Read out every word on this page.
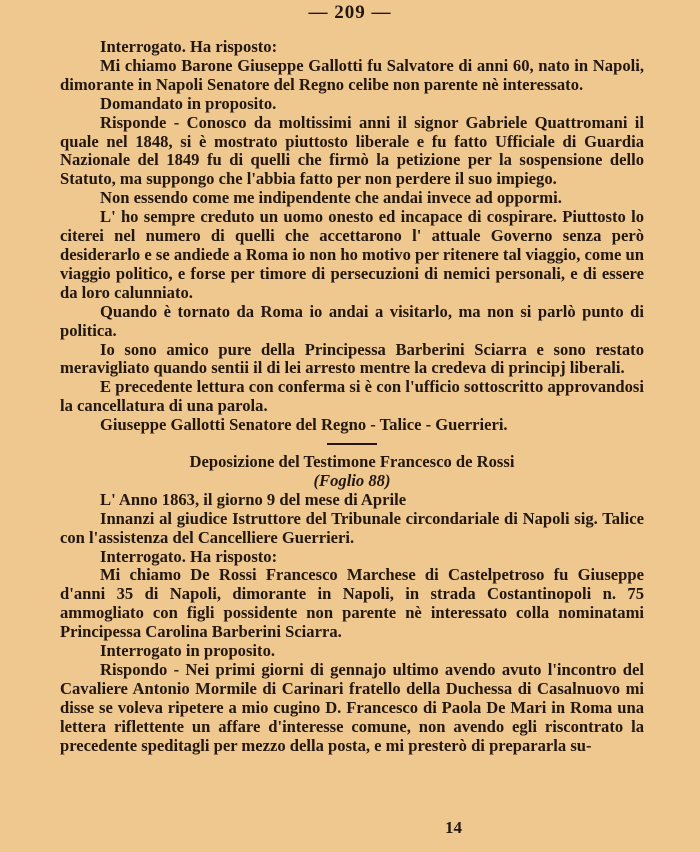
— 209 —

Interrogato. Ha risposto:

Mi chiamo Barone Giuseppe Gallotti fu Salvatore di anni 60, nato in Napoli, dimorante in Napoli Senatore del Regno celibe non parente nè interessato.

Domandato in proposito.

Risponde - Conosco da moltissimi anni il signor Gabriele Quattromani il quale nel 1848, si è mostrato piuttosto liberale e fu fatto Ufficiale di Guardia Nazionale del 1849 fu di quelli che firmò la petizione per la sospensione dello Statuto, ma suppongo che l'abbia fatto per non perdere il suo impiego.

Non essendo come me indipendente che andai invece ad oppormi.

L' ho sempre creduto un uomo onesto ed incapace di cospirare. Piuttosto lo citerei nel numero di quelli che accettarono l' attuale Governo senza però desiderarlo e se andiede a Roma io non ho motivo per ritenere tal viaggio, come un viaggio politico, e forse per timore di persecuzioni di nemici personali, e di essere da loro calunniato.

Quando è tornato da Roma io andai a visitarlo, ma non si parlò punto di politica.

Io sono amico pure della Principessa Barberini Sciarra e sono restato meravigliato quando sentii il di lei arresto mentre la credeva di principj liberali.

E precedente lettura con conferma si è con l'ufficio sottoscritto approvandosi la cancellatura di una parola.

Giuseppe Gallotti Senatore del Regno - Talice - Guerrieri.

Deposizione del Testimone Francesco de Rossi

(Foglio 88)

L' Anno 1863, il giorno 9 del mese di Aprile

Innanzi al giudice Istruttore del Tribunale circondariale di Napoli sig. Talice con l'assistenza del Cancelliere Guerrieri.

Interrogato. Ha risposto:

Mi chiamo De Rossi Francesco Marchese di Castelpetroso fu Giuseppe d'anni 35 di Napoli, dimorante in Napoli, in strada Costantinopoli n. 75 ammogliato con figli possidente non parente nè interessato colla nominatami Principessa Carolina Barberini Sciarra.

Interrogato in proposito.

Rispondo - Nei primi giorni di gennajo ultimo avendo avuto l'incontro del Cavaliere Antonio Mormile di Carinari fratello della Duchessa di Casalnuovo mi disse se voleva ripetere a mio cugino D. Francesco di Paola De Mari in Roma una lettera riflettente un affare d'interesse comune, non avendo egli riscontrato la precedente speditagli per mezzo della posta, e mi presterò di prepararla su-

14
